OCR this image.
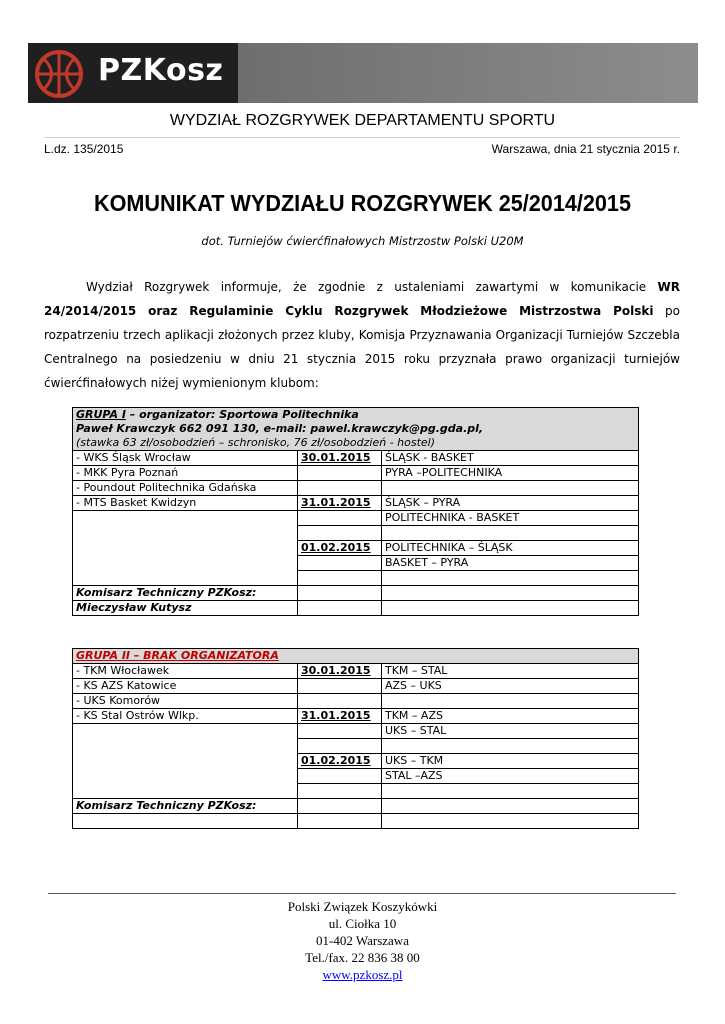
PZKosz
WYDZIAŁ ROZGRYWEK DEPARTAMENTU SPORTU
L.dz. 135/2015	Warszawa, dnia 21 stycznia 2015 r.
KOMUNIKAT WYDZIAŁU ROZGRYWEK 25/2014/2015
dot. Turniejów ćwierćfinałowych Mistrzostw Polski U20M
Wydział Rozgrywek informuje, że zgodnie z ustaleniami zawartymi w komunikacie WR 24/2014/2015 oraz Regulaminie Cyklu Rozgrywek Młodzieżowe Mistrzostwa Polski po rozpatrzeniu trzech aplikacji złożonych przez kluby, Komisja Przyznawania Organizacji Turniejów Szczebla Centralnego na posiedzeniu w dniu 21 stycznia 2015 roku przyznała prawo organizacji turniejów ćwierćfinałowych niżej wymienionym klubom:
GRUPA I – organizator: Sportowa Politechnika
Paweł Krawczyk 662 091 130, e-mail: pawel.krawczyk@pg.gda.pl,
(stawka 63 zł/osobodzień – schronisko, 76 zł/osobodzień - hostel)		
- WKS Śląsk Wrocław	30.01.2015	ŚLĄSK - BASKET
- MKK Pyra Poznań		PYRA –POLITECHNIKA
- Poundout Politechnika Gdańska		
- MTS Basket Kwidzyn	31.01.2015	ŚLĄSK – PYRA
		POLITECHNIKA - BASKET

	01.02.2015	POLITECHNIKA – ŚLĄSK
		BASKET – PYRA

Komisarz Techniczny PZKosz:		
Mieczysław Kutysz		
GRUPA II – BRAK ORGANIZATORA		
- TKM Włocławek	30.01.2015	TKM – STAL
- KS AZS Katowice		AZS – UKS
- UKS Komorów		
- KS Stal Ostrów Wlkp.	31.01.2015	TKM – AZS
		UKS – STAL

	01.02.2015	UKS – TKM
		STAL –AZS

Komisarz Techniczny PZKosz:		

Polski Związek Koszykówki
ul. Ciołka 10
01-402 Warszawa
Tel./fax. 22 836 38 00
www.pzkosz.pl
